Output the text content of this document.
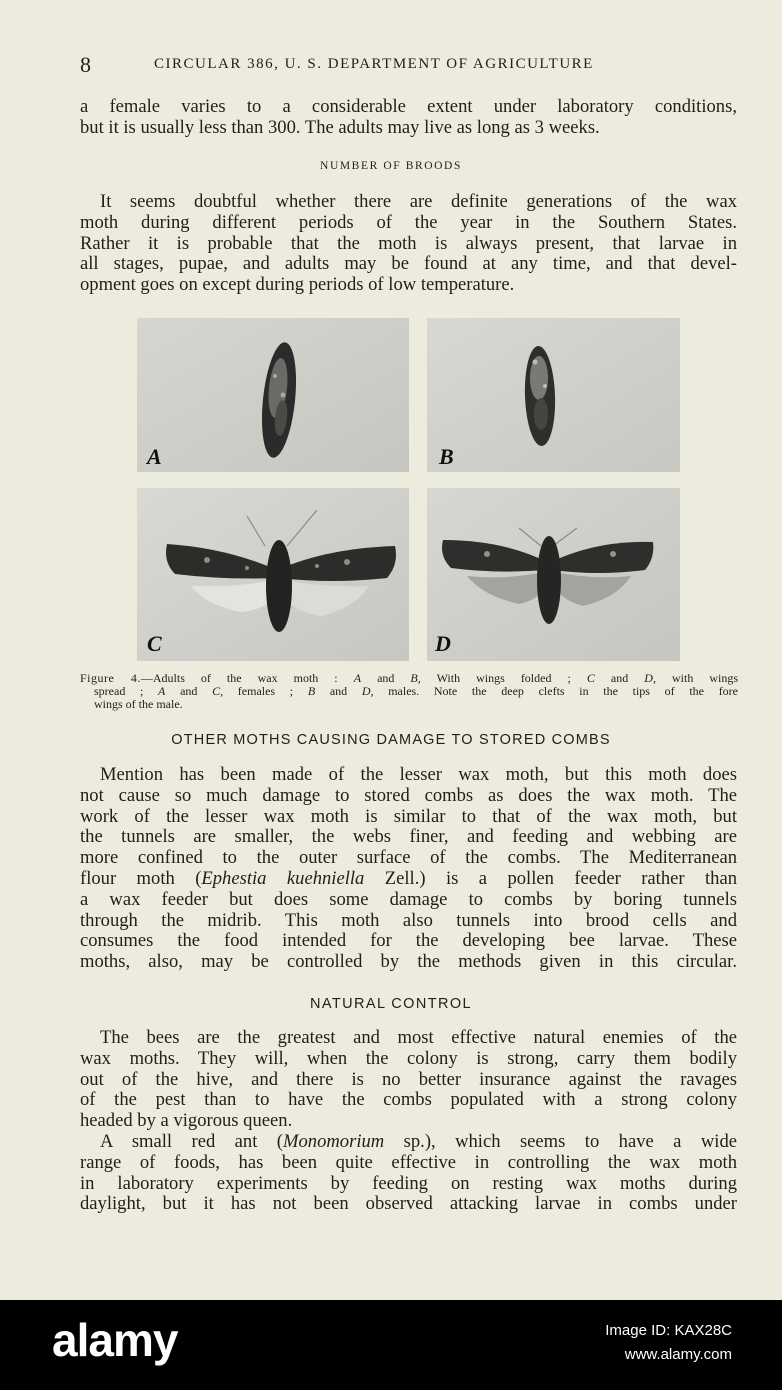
8	CIRCULAR 386, U. S. DEPARTMENT OF AGRICULTURE

a female varies to a considerable extent under laboratory conditions,
but it is usually less than 300. The adults may live as long as 3 weeks.

NUMBER OF BROODS

It seems doubtful whether there are definite generations of the wax
moth during different periods of the year in the Southern States.
Rather it is probable that the moth is always present, that larvae in
all stages, pupae, and adults may be found at any time, and that devel-
opment goes on except during periods of low temperature.

A	B
C	D

Figure 4.—Adults of the wax moth : A and B, With wings folded ; C and D, with wings
spread ; A and C, females ; B and D, males. Note the deep clefts in the tips of the fore
wings of the male.

OTHER MOTHS CAUSING DAMAGE TO STORED COMBS

Mention has been made of the lesser wax moth, but this moth does
not cause so much damage to stored combs as does the wax moth. The
work of the lesser wax moth is similar to that of the wax moth, but
the tunnels are smaller, the webs finer, and feeding and webbing are
more confined to the outer surface of the combs. The Mediterranean
flour moth (Ephestia kuehniella Zell.) is a pollen feeder rather than
a wax feeder but does some damage to combs by boring tunnels
through the midrib. This moth also tunnels into brood cells and
consumes the food intended for the developing bee larvae. These
moths, also, may be controlled by the methods given in this circular.

NATURAL CONTROL

The bees are the greatest and most effective natural enemies of the
wax moths. They will, when the colony is strong, carry them bodily
out of the hive, and there is no better insurance against the ravages
of the pest than to have the combs populated with a strong colony
headed by a vigorous queen.

A small red ant (Monomorium sp.), which seems to have a wide
range of foods, has been quite effective in controlling the wax moth
in laboratory experiments by feeding on resting wax moths during
daylight, but it has not been observed attacking larvae in combs under

alamy	Image ID: KAX28C
www.alamy.com
